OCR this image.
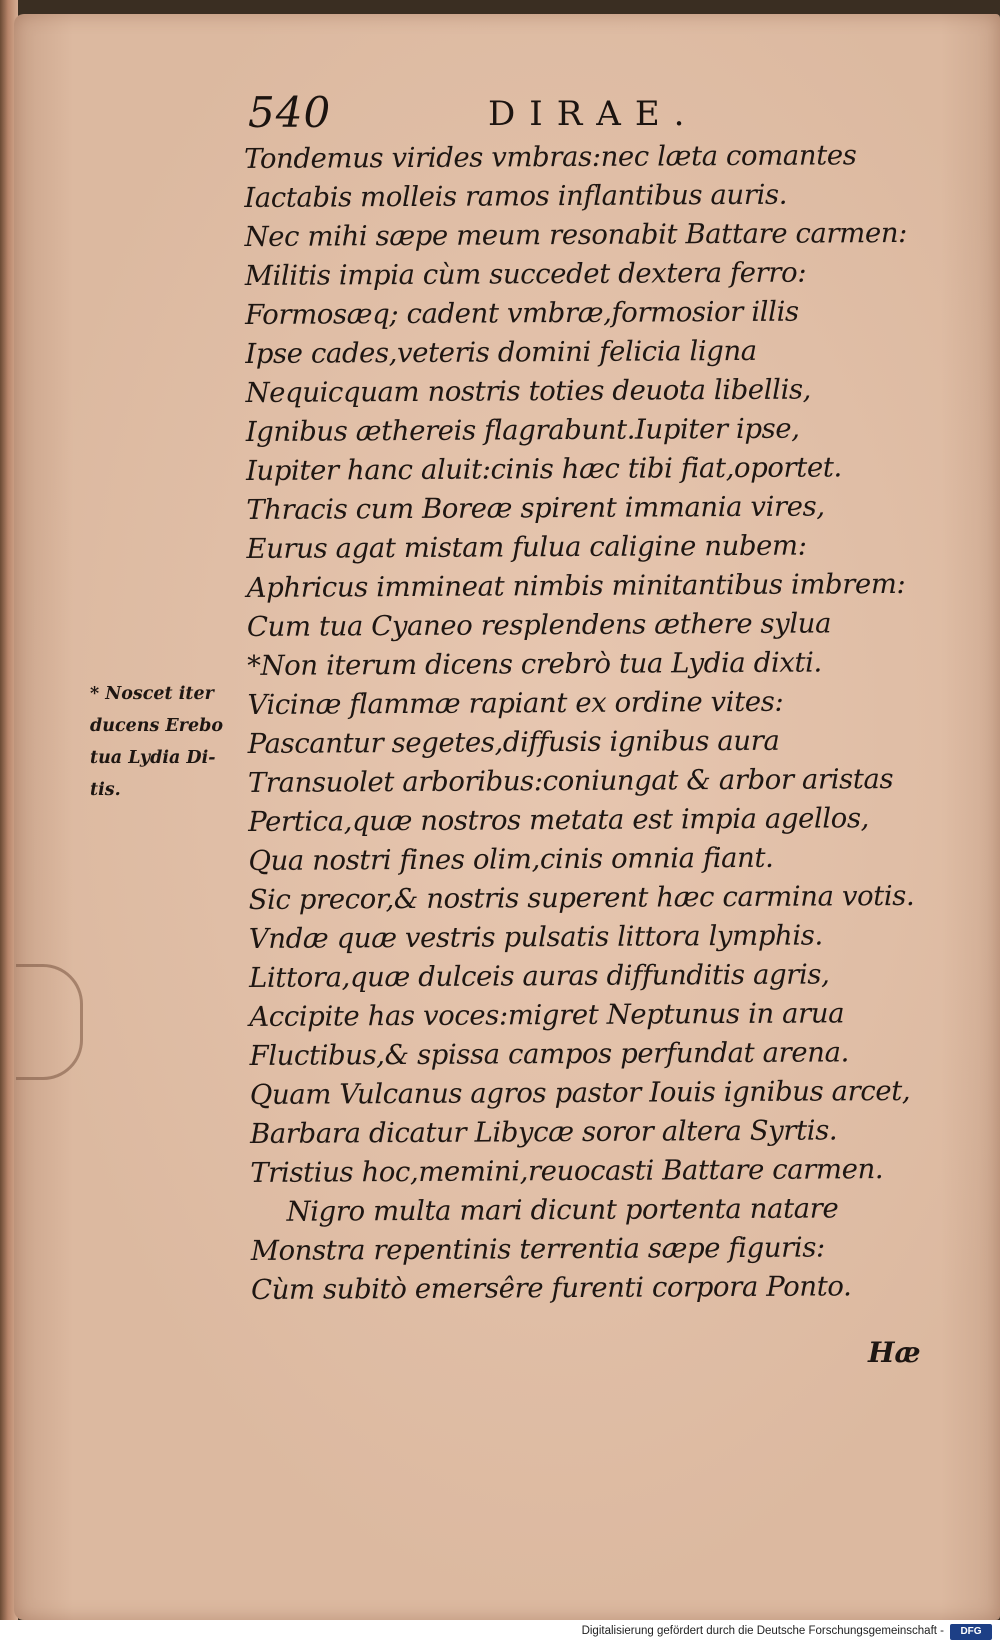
540	DIRAE.
* Noscet iter
ducens Erebo
tua Lydia Di-
tis.
Tondemus virides vmbras:nec læta comantes
Iactabis molleis ramos inflantibus auris.
Nec mihi sæpe meum resonabit Battare carmen:
Militis impia cùm succedet dextera ferro:
Formosæq; cadent vmbræ,formosior illis
Ipse cades,veteris domini felicia ligna
Nequicquam nostris toties deuota libellis,
Ignibus æthereis flagrabunt.Iupiter ipse,
Iupiter hanc aluit:cinis hæc tibi fiat,oportet.
Thracis cum Boreæ spirent immania vires,
Eurus agat mistam fulua caligine nubem:
Aphricus immineat nimbis minitantibus imbrem:
Cum tua Cyaneo resplendens æthere sylua
*Non iterum dicens crebrò tua Lydia dixti.
Vicinæ flammæ rapiant ex ordine vites:
Pascantur segetes,diffusis ignibus aura
Transuolet arboribus:coniungat & arbor aristas
Pertica,quæ nostros metata est impia agellos,
Qua nostri fines olim,cinis omnia fiant.
Sic precor,& nostris superent hæc carmina votis.
Vndæ quæ vestris pulsatis littora lymphis.
Littora,quæ dulceis auras diffunditis agris,
Accipite has voces:migret Neptunus in arua
Fluctibus,& spissa campos perfundat arena.
Quam Vulcanus agros pastor Iouis ignibus arcet,
Barbara dicatur Libycæ soror altera Syrtis.
Tristius hoc,memini,reuocasti Battare carmen.
Nigro multa mari dicunt portenta natare
Monstra repentinis terrentia sæpe figuris:
Cùm subitò emersêre furenti corpora Ponto.
Hæ
Digitalisierung gefördert durch die Deutsche Forschungsgemeinschaft -	DFG
